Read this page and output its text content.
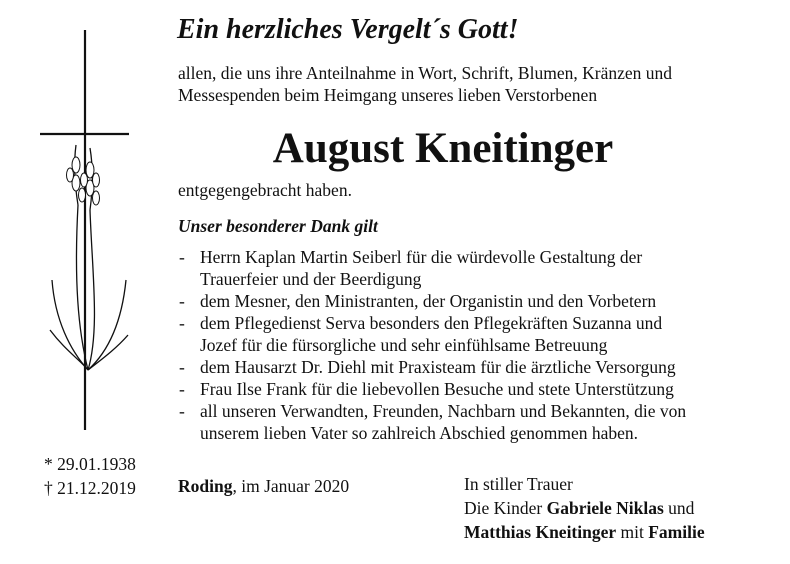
Ein herzliches Vergelt´s Gott!
allen, die uns ihre Anteilnahme in Wort, Schrift, Blumen, Kränzen und
Messespenden beim Heimgang unseres lieben Verstorbenen
August Kneitinger
entgegengebracht haben.
Unser besonderer Dank gilt
- Herrn Kaplan Martin Seiberl für die würdevolle Gestaltung der
Trauerfeier und der Beerdigung
- dem Mesner, den Ministranten, der Organistin und den Vorbetern
- dem Pflegedienst Serva besonders den Pflegekräften Suzanna und
Jozef für die fürsorgliche und sehr einfühlsame Betreuung
- dem Hausarzt Dr. Diehl mit Praxisteam für die ärztliche Versorgung
- Frau Ilse Frank für die liebevollen Besuche und stete Unterstützung
- all unseren Verwandten, Freunden, Nachbarn und Bekannten, die von
unserem lieben Vater so zahlreich Abschied genommen haben.
* 29.01.1938
† 21.12.2019 Roding, im Januar 2020	In stiller Trauer
Die Kinder Gabriele Niklas und
Matthias Kneitinger mit Familie
